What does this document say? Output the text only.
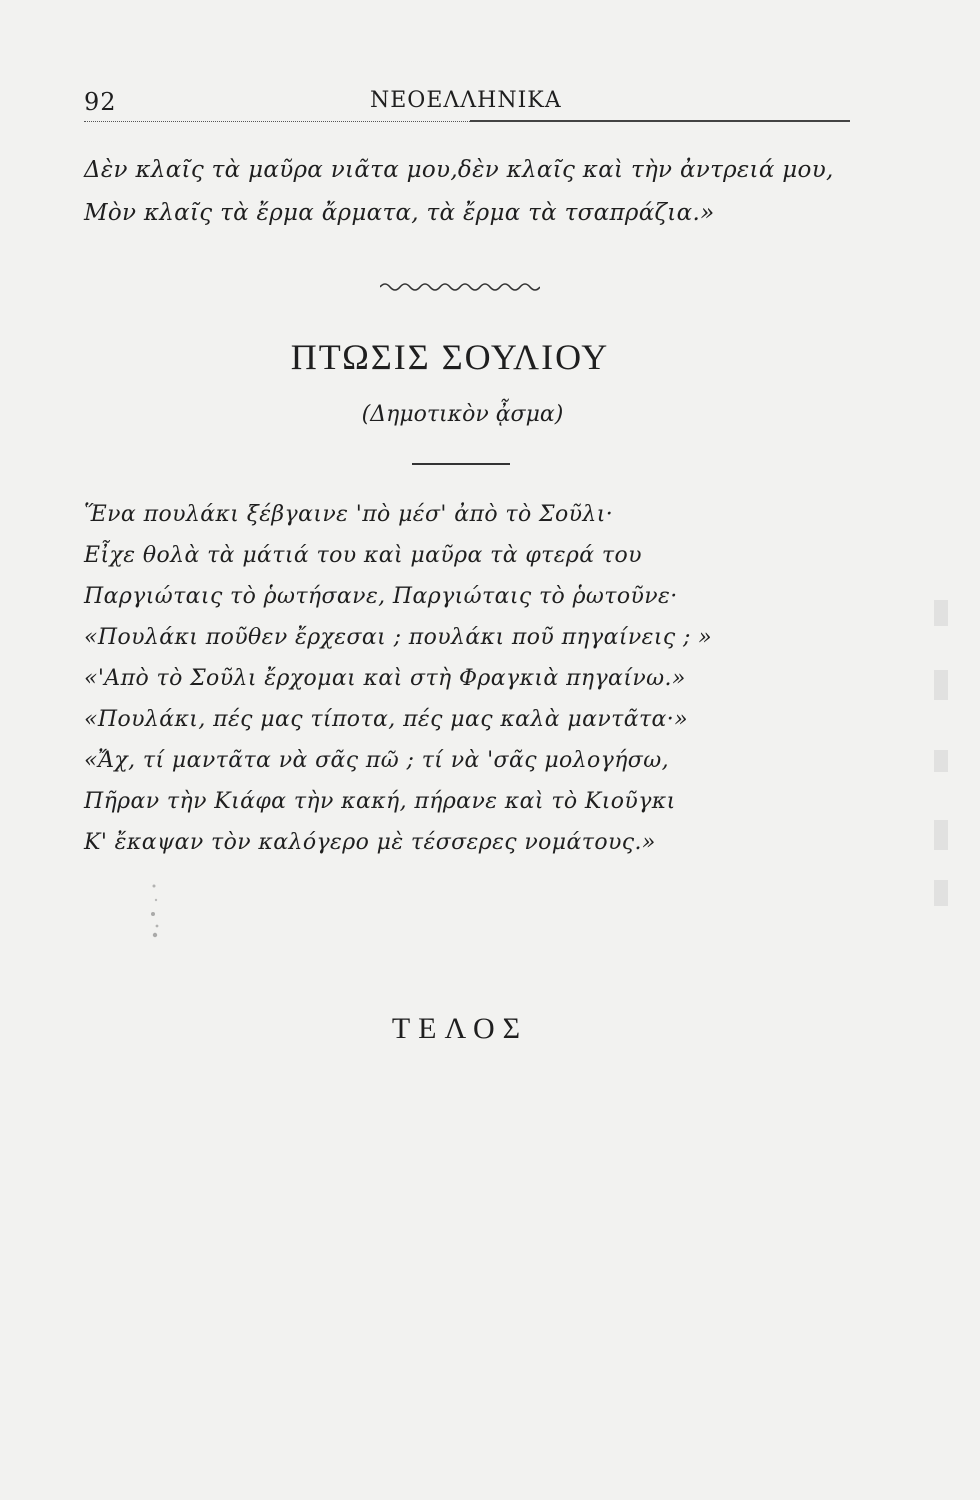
92	ΝΕΟΕΛΛΗΝΙΚΑ
Δὲν κλαῖς τὰ μαῦρα νιᾶτα μου,δὲν κλαῖς καὶ τὴν ἀντρειά μου,
Μὸν κλαῖς τὰ ἔρμα ἄρματα, τὰ ἔρμα τὰ τσαπράζια.»
ΠΤΩΣΙΣ ΣΟΥΛΙΟΥ
(Δημοτικὸν ᾆσμα)
Ἕνα πουλάκι ξέβγαινε 'πὸ μέσ' ἀπὸ τὸ Σοῦλι·
Εἶχε θολὰ τὰ μάτιά του καὶ μαῦρα τὰ φτερά του
Παργιώταις τὸ ῥωτήσανε, Παργιώταις τὸ ῥωτοῦνε·
«Πουλάκι ποῦθεν ἔρχεσαι ; πουλάκι ποῦ πηγαίνεις ; »
«'Απὸ τὸ Σοῦλι ἔρχομαι καὶ στὴ Φραγκιὰ πηγαίνω.»
«Πουλάκι, πές μας τίποτα, πές μας καλὰ μαντᾶτα·»
«Ἄχ, τί μαντᾶτα νὰ σᾶς πῶ ; τί νὰ 'σᾶς μολογήσω,
Πῆραν τὴν Κιάφα τὴν κακή, πήρανε καὶ τὸ Κιοῦγκι
Κ' ἔκαψαν τὸν καλόγερο μὲ τέσσερες νομάτους.»
ΤΕΛΟΣ
